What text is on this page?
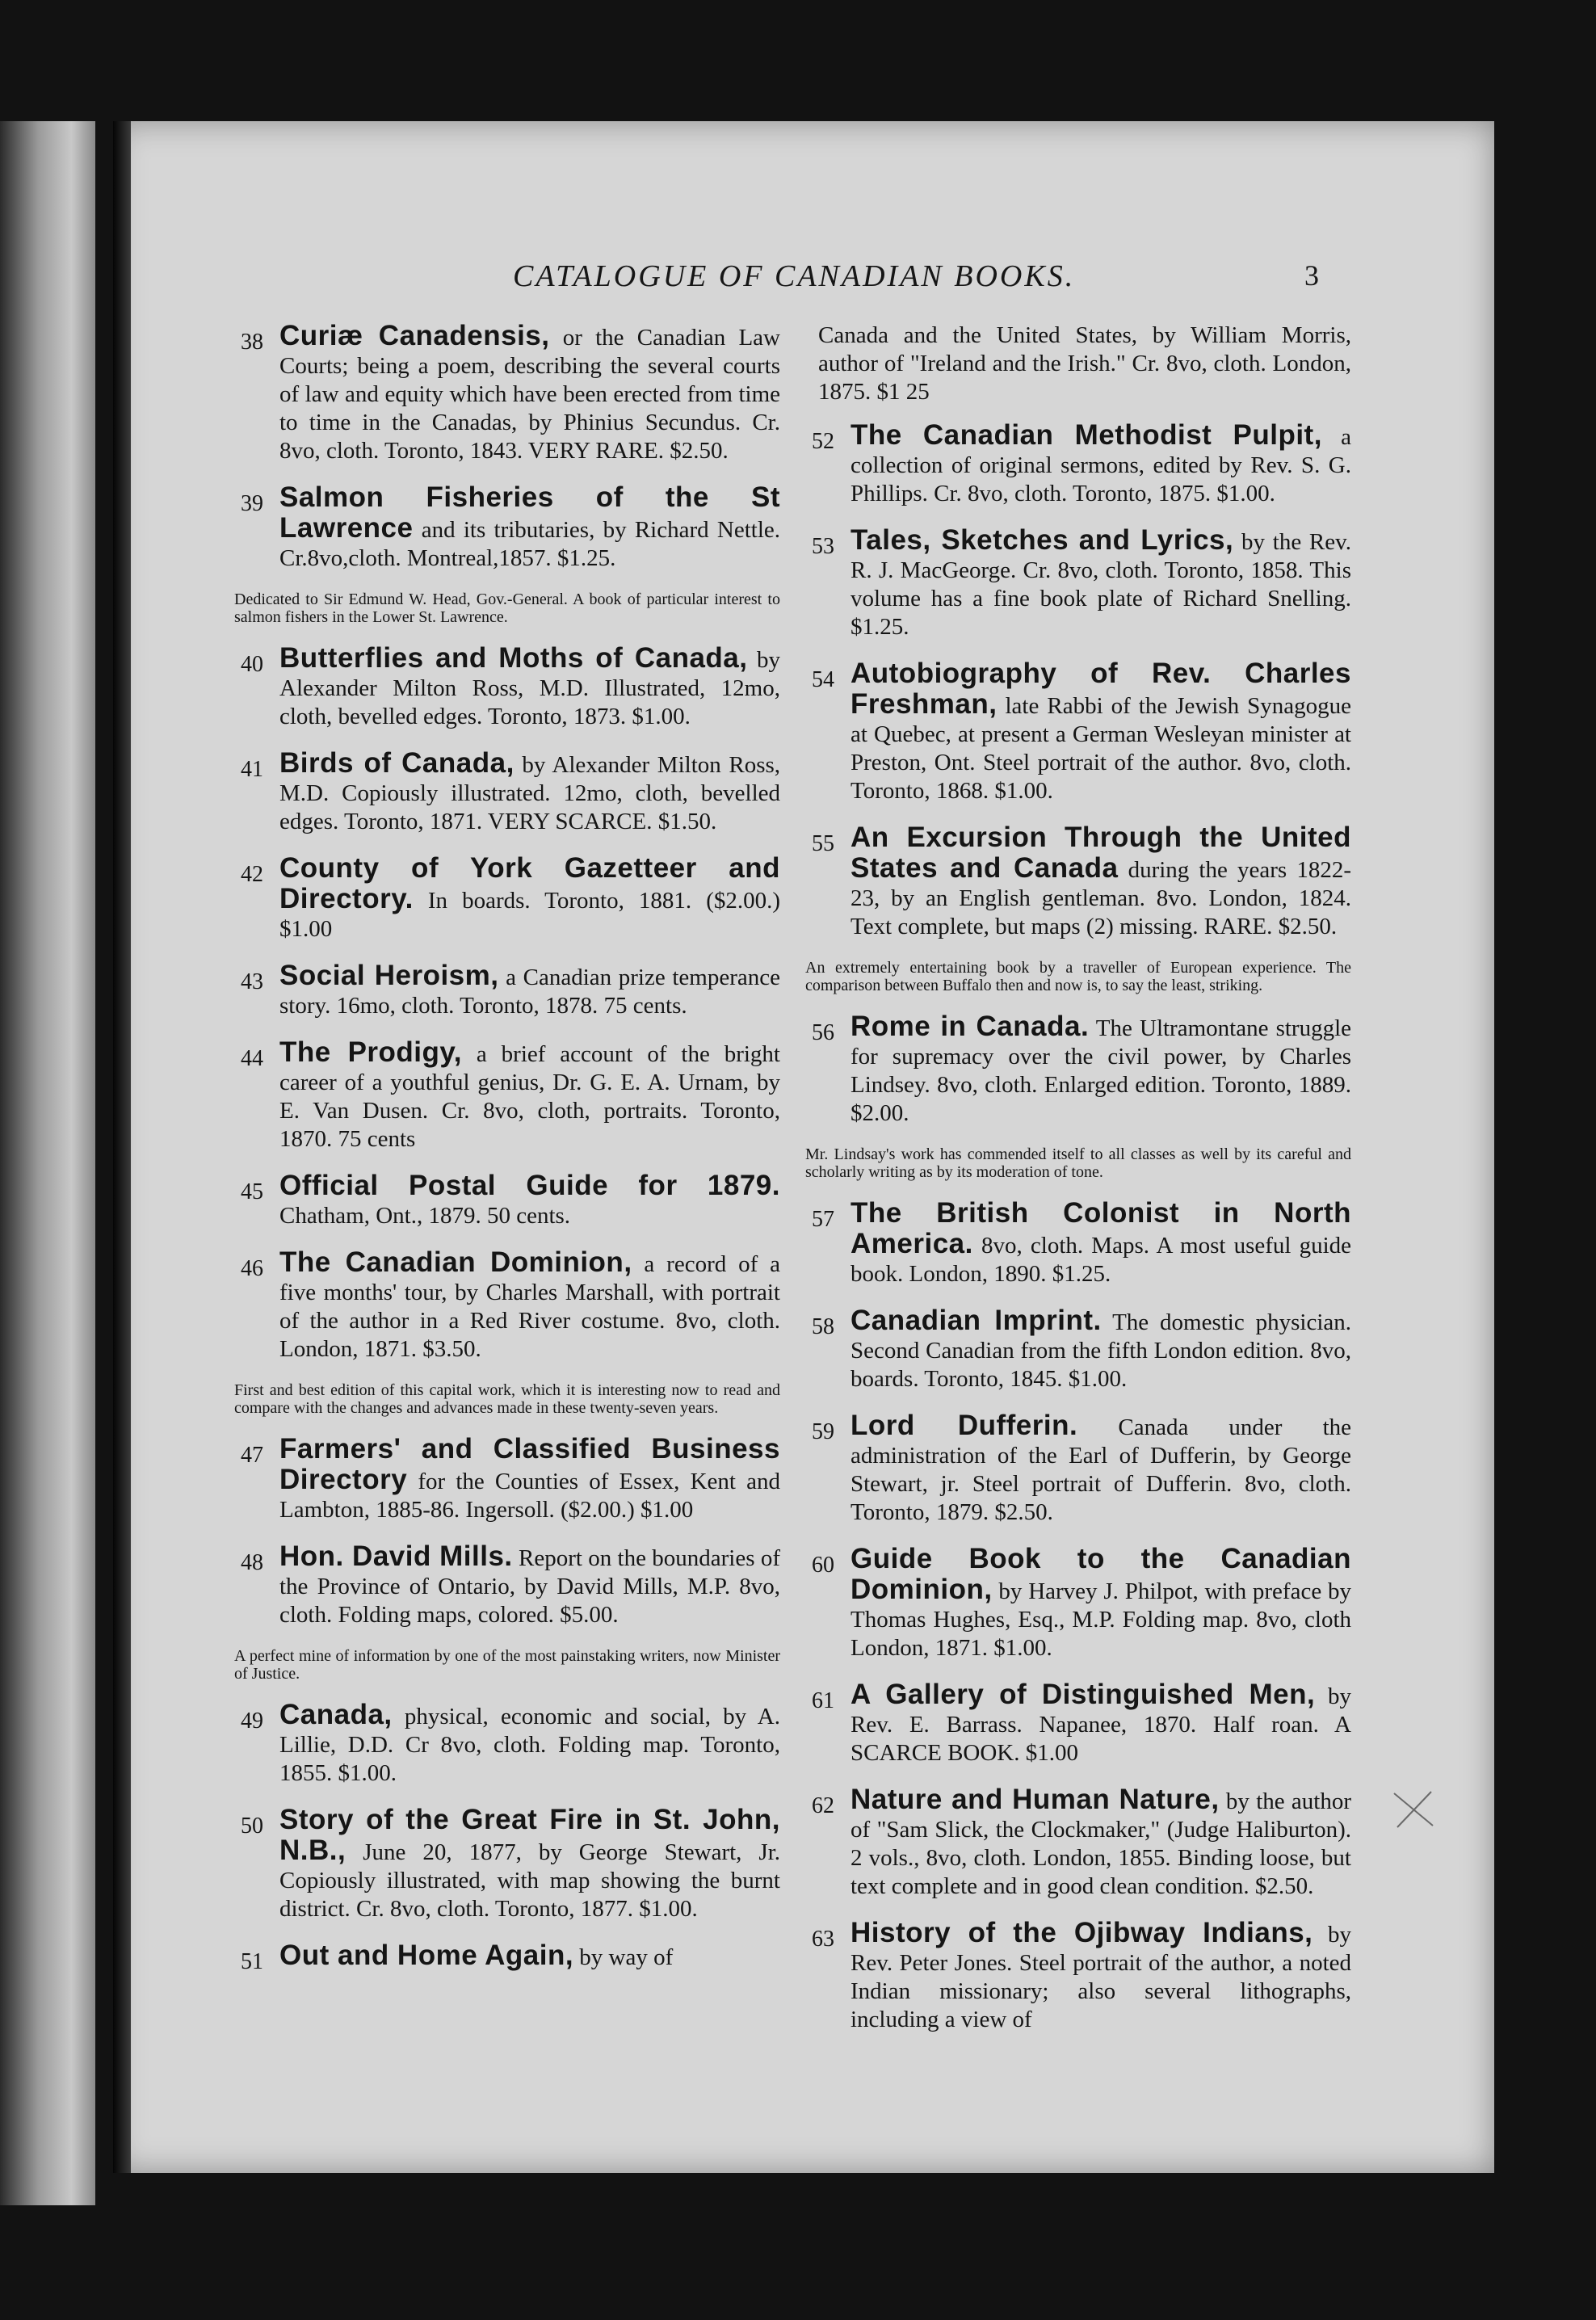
CATALOGUE OF CANADIAN BOOKS.	3
38 Curiæ Canadensis, or the Canadian Law Courts; being a poem, describing the several courts of law and equity which have been erected from time to time in the Canadas, by Phinius Secundus. Cr. 8vo, cloth. Toronto, 1843. VERY RARE. $2.50.
39 Salmon Fisheries of the St Lawrence and its tributaries, by Richard Nettle. Cr.8vo,cloth. Montreal,1857. $1.25.
Dedicated to Sir Edmund W. Head, Gov.-General. A book of particular interest to salmon fishers in the Lower St. Lawrence.
40 Butterflies and Moths of Canada, by Alexander Milton Ross, M.D. Illustrated, 12mo, cloth, bevelled edges. Toronto, 1873. $1.00.
41 Birds of Canada, by Alexander Milton Ross, M.D. Copiously illustrated. 12mo, cloth, bevelled edges. Toronto, 1871. VERY SCARCE. $1.50.
42 County of York Gazetteer and Directory. In boards. Toronto, 1881. ($2.00.) $1.00
43 Social Heroism, a Canadian prize temperance story. 16mo, cloth. Toronto, 1878. 75 cents.
44 The Prodigy, a brief account of the bright career of a youthful genius, Dr. G. E. A. Urnam, by E. Van Dusen. Cr. 8vo, cloth, portraits. Toronto, 1870. 75 cents
45 Official Postal Guide for 1879. Chatham, Ont., 1879. 50 cents.
46 The Canadian Dominion, a record of a five months' tour, by Charles Marshall, with portrait of the author in a Red River costume. 8vo, cloth. London, 1871. $3.50.
First and best edition of this capital work, which it is interesting now to read and compare with the changes and advances made in these twenty-seven years.
47 Farmers' and Classified Business Directory for the Counties of Essex, Kent and Lambton, 1885-86. Ingersoll. ($2.00.) $1.00
48 Hon. David Mills. Report on the boundaries of the Province of Ontario, by David Mills, M.P. 8vo, cloth. Folding maps, colored. $5.00.
A perfect mine of information by one of the most painstaking writers, now Minister of Justice.
49 Canada, physical, economic and social, by A. Lillie, D.D. Cr 8vo, cloth. Folding map. Toronto, 1855. $1.00.
50 Story of the Great Fire in St. John, N.B., June 20, 1877, by George Stewart, Jr. Copiously illustrated, with map showing the burnt district. Cr. 8vo, cloth. Toronto, 1877. $1.00.
51 Out and Home Again, by way of
Canada and the United States, by William Morris, author of "Ireland and the Irish." Cr. 8vo, cloth. London, 1875. $1 25
52 The Canadian Methodist Pulpit, a collection of original sermons, edited by Rev. S. G. Phillips. Cr. 8vo, cloth. Toronto, 1875. $1.00.
53 Tales, Sketches and Lyrics, by the Rev. R. J. MacGeorge. Cr. 8vo, cloth. Toronto, 1858. This volume has a fine book plate of Richard Snelling. $1.25.
54 Autobiography of Rev. Charles Freshman, late Rabbi of the Jewish Synagogue at Quebec, at present a German Wesleyan minister at Preston, Ont. Steel portrait of the author. 8vo, cloth. Toronto, 1868. $1.00.
55 An Excursion Through the United States and Canada during the years 1822-23, by an English gentleman. 8vo. London, 1824. Text complete, but maps (2) missing. RARE. $2.50.
An extremely entertaining book by a traveller of European experience. The comparison between Buffalo then and now is, to say the least, striking.
56 Rome in Canada. The Ultramontane struggle for supremacy over the civil power, by Charles Lindsey. 8vo, cloth. Enlarged edition. Toronto, 1889. $2.00.
Mr. Lindsay's work has commended itself to all classes as well by its careful and scholarly writing as by its moderation of tone.
57 The British Colonist in North America. 8vo, cloth. Maps. A most useful guide book. London, 1890. $1.25.
58 Canadian Imprint. The domestic physician. Second Canadian from the fifth London edition. 8vo, boards. Toronto, 1845. $1.00.
59 Lord Dufferin. Canada under the administration of the Earl of Dufferin, by George Stewart, jr. Steel portrait of Dufferin. 8vo, cloth. Toronto, 1879. $2.50.
60 Guide Book to the Canadian Dominion, by Harvey J. Philpot, with preface by Thomas Hughes, Esq., M.P. Folding map. 8vo, cloth London, 1871. $1.00.
61 A Gallery of Distinguished Men, by Rev. E. Barrass. Napanee, 1870. Half roan. A SCARCE BOOK. $1.00
62 Nature and Human Nature, by the author of "Sam Slick, the Clockmaker," (Judge Haliburton). 2 vols., 8vo, cloth. London, 1855. Binding loose, but text complete and in good clean condition. $2.50.
63 History of the Ojibway Indians, by Rev. Peter Jones. Steel portrait of the author, a noted Indian missionary; also several lithographs, including a view of
